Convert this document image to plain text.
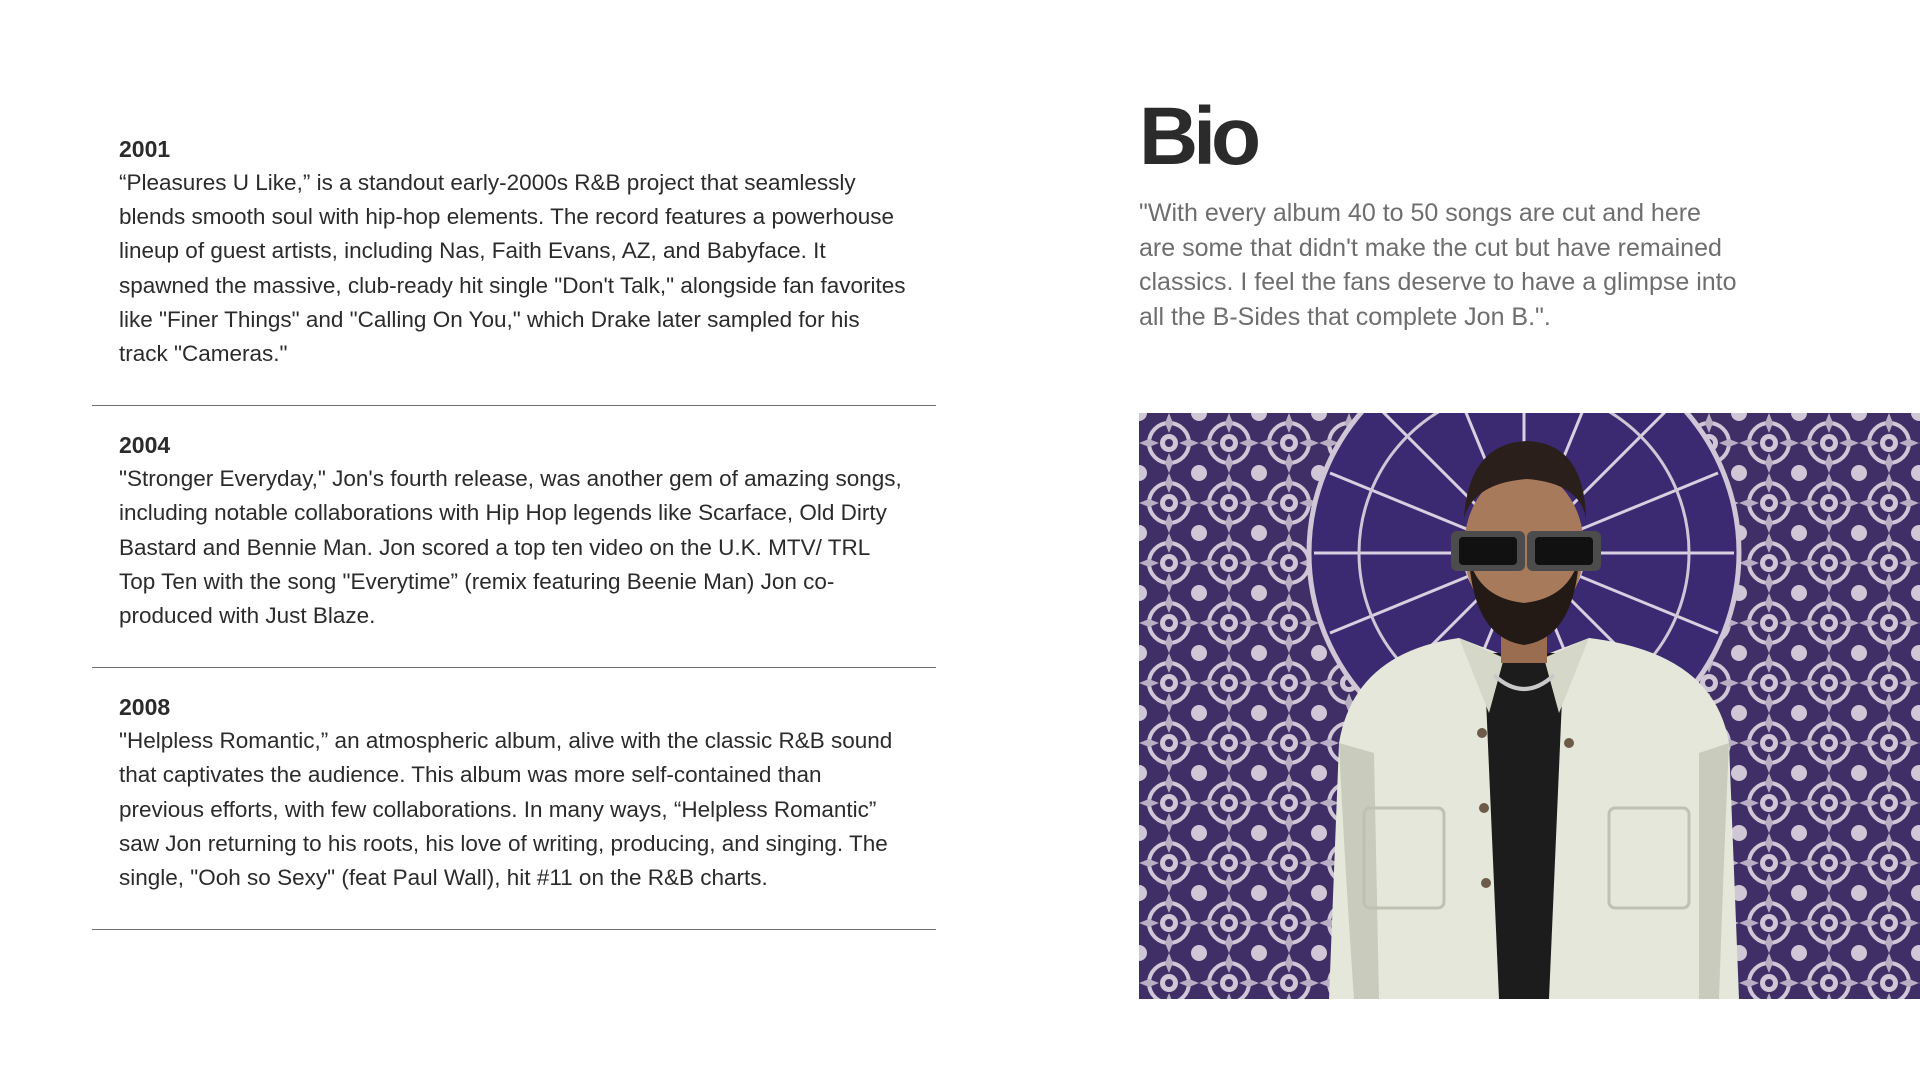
2001

“Pleasures U Like,” is a standout early-2000s R&B project that seamlessly blends smooth soul with hip-hop elements. The record features a powerhouse lineup of guest artists, including Nas, Faith Evans, AZ, and Babyface. It spawned the massive, club-ready hit single "Don't Talk," alongside fan favorites like "Finer Things" and "Calling On You," which Drake later sampled for his track "Cameras."

2004

"Stronger Everyday," Jon's fourth release, was another gem of amazing songs, including notable collaborations with Hip Hop legends like Scarface, Old Dirty Bastard and Bennie Man. Jon scored a top ten video on the U.K. MTV/ TRL Top Ten with the song "Everytime” (remix featuring Beenie Man) Jon co-produced with Just Blaze.

2008

"Helpless Romantic,” an atmospheric album, alive with the classic R&B sound that captivates the audience. This album was more self-contained than previous efforts, with few collaborations. In many ways, “Helpless Romantic” saw Jon returning to his roots, his love of writing, producing, and singing. The single, "Ooh so Sexy" (feat Paul Wall), hit #11 on the R&B charts.

Bio

"With every album 40 to 50 songs are cut and here are some that didn't make the cut but have remained classics. I feel the fans deserve to have a glimpse into all the B-Sides that complete Jon B.".
